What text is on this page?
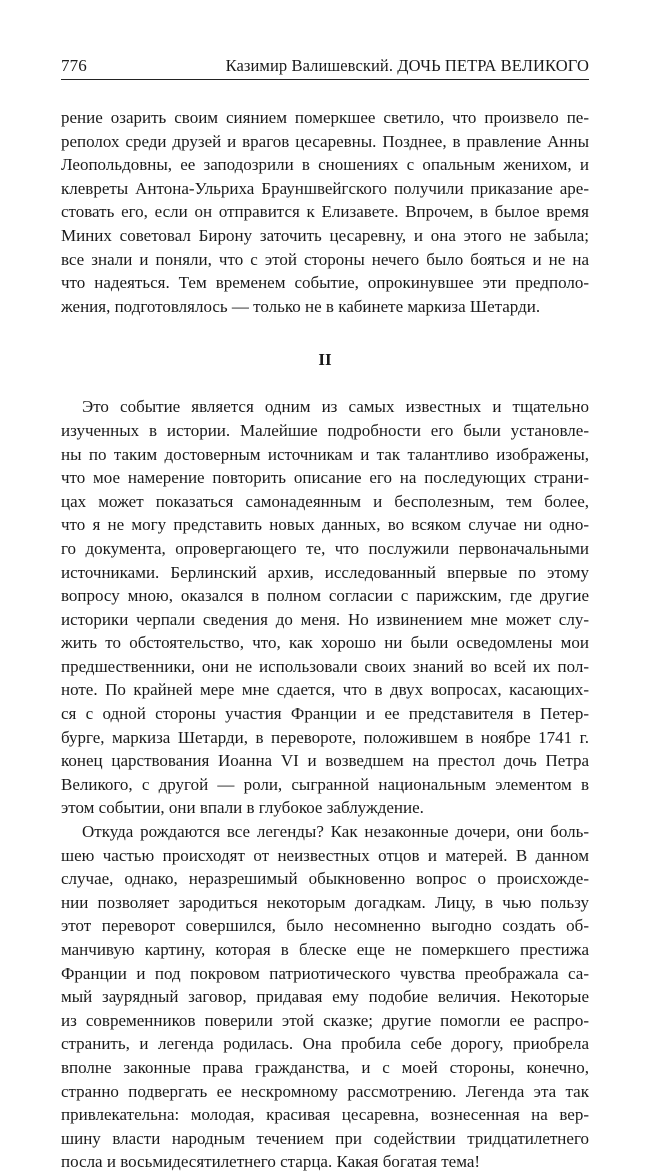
776	Казимир Валишевский. ДОЧЬ ПЕТРА ВЕЛИКОГО
рение озарить своим сиянием померкшее светило, что произвело пе-
реполох среди друзей и врагов цесаревны. Позднее, в правление Анны
Леопольдовны, ее заподозрили в сношениях с опальным женихом, и
клевреты Антона-Ульриха Брауншвейгского получили приказание аре-
стовать его, если он отправится к Елизавете. Впрочем, в былое время
Миних советовал Бирону заточить цесаревну, и она этого не забыла;
все знали и поняли, что с этой стороны нечего было бояться и не на
что надеяться. Тем временем событие, опрокинувшее эти предполо-
жения, подготовлялось — только не в кабинете маркиза Шетарди.
II
Это событие является одним из самых известных и тщательно
изученных в истории. Малейшие подробности его были установле-
ны по таким достоверным источникам и так талантливо изображены,
что мое намерение повторить описание его на последующих страни-
цах может показаться самонадеянным и бесполезным, тем более,
что я не могу представить новых данных, во всяком случае ни одно-
го документа, опровергающего те, что послужили первоначальными
источниками. Берлинский архив, исследованный впервые по этому
вопросу мною, оказался в полном согласии с парижским, где другие
историки черпали сведения до меня. Но извинением мне может слу-
жить то обстоятельство, что, как хорошо ни были осведомлены мои
предшественники, они не использовали своих знаний во всей их пол-
ноте. По крайней мере мне сдается, что в двух вопросах, касающих-
ся с одной стороны участия Франции и ее представителя в Петер-
бурге, маркиза Шетарди, в перевороте, положившем в ноябре 1741 г.
конец царствования Иоанна VI и возведшем на престол дочь Петра
Великого, с другой — роли, сыгранной национальным элементом в
этом событии, они впали в глубокое заблуждение.
Откуда рождаются все легенды? Как незаконные дочери, они боль-
шею частью происходят от неизвестных отцов и матерей. В данном
случае, однако, неразрешимый обыкновенно вопрос о происхожде-
нии позволяет зародиться некоторым догадкам. Лицу, в чью пользу
этот переворот совершился, было несомненно выгодно создать об-
манчивую картину, которая в блеске еще не померкшего престижа
Франции и под покровом патриотического чувства преображала са-
мый заурядный заговор, придавая ему подобие величия. Некоторые
из современников поверили этой сказке; другие помогли ее распро-
странить, и легенда родилась. Она пробила себе дорогу, приобрела
вполне законные права гражданства, и с моей стороны, конечно,
странно подвергать ее нескромному рассмотрению. Легенда эта так
привлекательна: молодая, красивая цесаревна, вознесенная на вер-
шину власти народным течением при содействии тридцатилетнего
посла и восьмидесятилетнего старца. Какая богатая тема!
